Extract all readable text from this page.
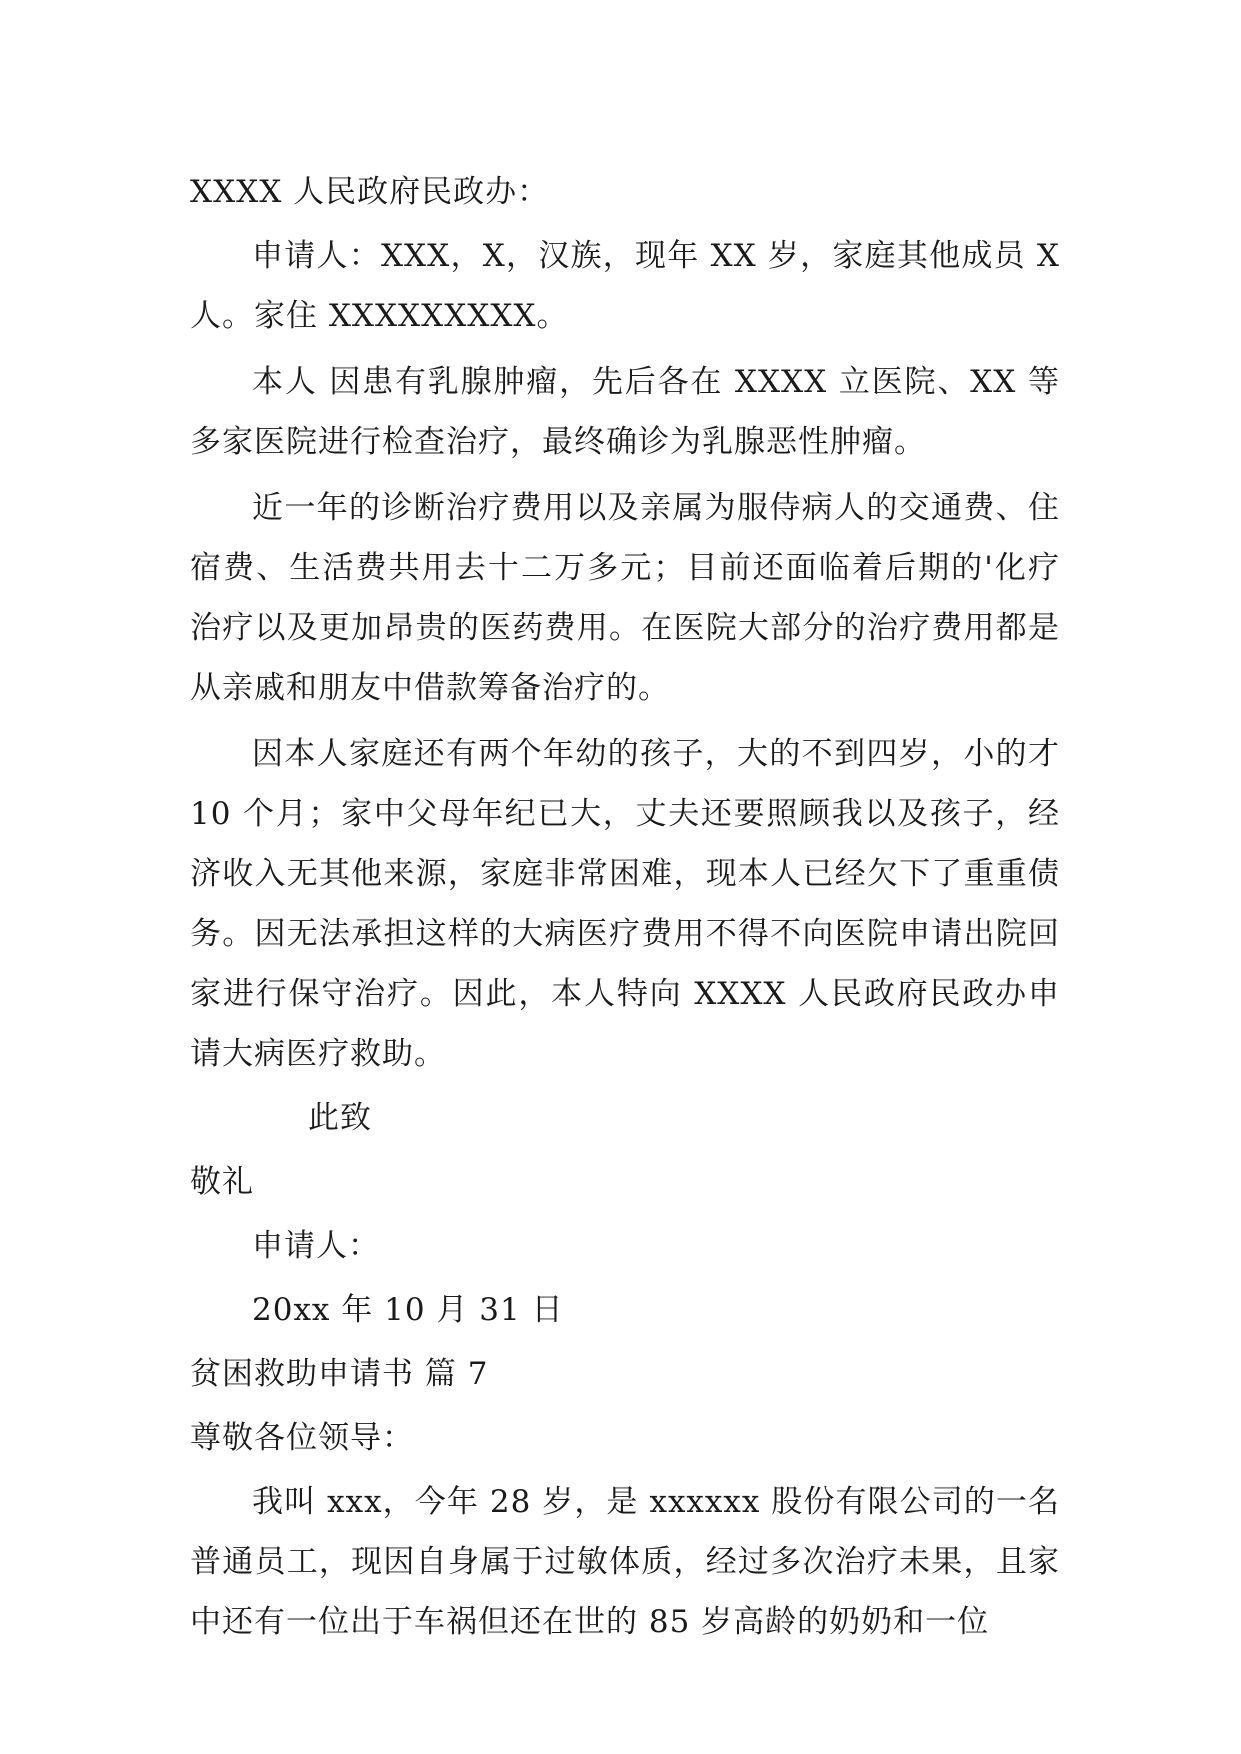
XXXX 人民政府民政办：

申请人：XXX，X，汉族，现年 XX 岁，家庭其他成员 X 人。家住 XXXXXXXXX。

本人 因患有乳腺肿瘤，先后各在 XXXX 立医院、XX 等多家医院进行检查治疗，最终确诊为乳腺恶性肿瘤。

近一年的诊断治疗费用以及亲属为服侍病人的交通费、住宿费、生活费共用去十二万多元；目前还面临着后期的'化疗治疗以及更加昂贵的医药费用。在医院大部分的治疗费用都是从亲戚和朋友中借款筹备治疗的。

因本人家庭还有两个年幼的孩子，大的不到四岁，小的才 10 个月；家中父母年纪已大，丈夫还要照顾我以及孩子，经济收入无其他来源，家庭非常困难，现本人已经欠下了重重债务。因无法承担这样的大病医疗费用不得不向医院申请出院回家进行保守治疗。因此，本人特向 XXXX 人民政府民政办申请大病医疗救助。

此致

敬礼

申请人：

20xx 年 10 月 31 日

贫困救助申请书 篇 7

尊敬各位领导：

我叫 xxx，今年 28 岁，是 xxxxxx 股份有限公司的一名普通员工，现因自身属于过敏体质，经过多次治疗未果，且家中还有一位出于车祸但还在世的 85 岁高龄的奶奶和一位
